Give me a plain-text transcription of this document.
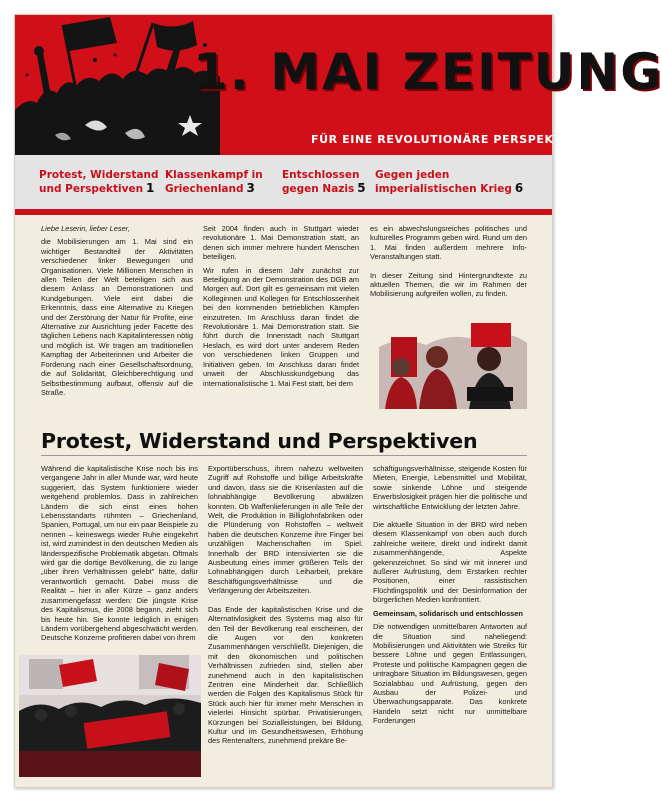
1. MAI ZEITUNG
FÜR EINE REVOLUTIONÄRE PERSPEKTIVE
Protest, Widerstand
und Perspektiven 1
Klassenkampf in
Griechenland 3
Entschlossen
gegen Nazis 5
Gegen jeden
imperialistischen Krieg 6

Liebe Leserin, lieber Leser,

die Mobilisierungen am 1. Mai sind ein wichtiger Bestandteil der Aktivitäten verschiedener linker Bewegungen und Organisationen. Viele Millionen Menschen in allen Teilen der Welt beteiligen sich aus diesem Anlass an Demonstrationen und Kundgebungen. Viele eint dabei die Erkenntnis, dass eine Alternative zu Kriegen und der Zerstörung der Natur für Profite, eine Alternative zur Ausrichtung jeder Facette des täglichen Lebens nach Kapitalinteressen nötig und möglich ist. Wir tragen am traditionellen Kampftag der Arbeiterinnen und Arbeiter die Forderung nach einer Gesellschaftsordnung, die auf Solidarität, Gleichberechtigung und Selbstbestimmung aufbaut, offensiv auf die Straße.

Seit 2004 finden auch in Stuttgart wieder revolutionäre 1. Mai Demonstration statt, an denen sich immer mehrere hundert Menschen beteiligen.

Wir rufen in diesem Jahr zunächst zur Beteiligung an der Demonstration des DGB am Morgen auf. Dort gilt es gemeinsam mit vielen Kolleginnen und Kollegen für Entschlossenheit bei den kommenden betrieblichen Kämpfen einzutreten. Im Anschluss daran findet die Revolutionäre 1. Mai Demonstration statt. Sie führt durch die Innenstadt nach Stuttgart Heslach, es wird dort unter anderem Reden von verschiedenen linken Gruppen und Initiativen geben. Im Anschluss daran findet unweit der Abschlusskundgebung das internationalistische 1. Mai Fest statt, bei dem

es ein abwechslungsreiches politisches und kulturelles Programm geben wird. Rund um den 1. Mai finden außerdem mehrere Info-Veranstaltungen statt.

In dieser Zeitung sind Hintergrundtexte zu aktuellen Themen, die wir im Rahmen der Mobilisierung aufgreifen wollen, zu finden.

Protest, Widerstand und Perspektiven

Während die kapitalistische Krise noch bis ins vergangene Jahr in aller Munde war, wird heute suggeriert, das System funktioniere wieder weitgehend problemlos. Dass in zahlreichen Ländern die sich einst eines hohen Lebensstandarts rühmten – Griechenland, Spanien, Portugal, um nur ein paar Beispiele zu nennen – keineswegs wieder Ruhe eingekehrt ist, wird zumindest in den deutschen Medien als länderspezifische Problematik abgetan. Oftmals wird gar die dortige Bevölkerung, die zu lange „über ihren Verhältnissen gelebt" hätte, dafür verantwortlich gemacht. Dabei muss die Realität – hier in aller Kürze – ganz anders zusammengefasst werden: Die jüngste Krise des Kapitalismus, die 2008 begann, zieht sich bis heute hin. Sie konnte lediglich in einigen Ländern vorübergehend abgeschwächt werden. Deutsche Konzerne profitieren dabei von ihrem

Exportüberschuss, ihrem nahezu weltweiten Zugriff auf Rohstoffe und billige Arbeitskräfte und davon, dass sie die Krisenlasten auf die lohnabhängige Bevölkerung abwälzen konnten. Ob Waffenlieferungen in alle Teile der Welt, die Produktion in Billiglohnfabriken oder die Plünderung von Rohstoffen – weltweit haben die deutschen Konzerne ihre Finger bei unzähligen Machenschaften im Spiel. Innerhalb der BRD intensivierten sie die Ausbeutung eines immer größeren Teils der Lohnabhängigen durch Leiharbeit, prekäre Beschäftigungsverhältnisse und die Verlängerung der Arbeitszeiten.

Das Ende der kapitalistischen Krise und die Alternativlosigkeit des Systems mag also für den Teil der Bevölkerung real erscheinen, der die Augen vor den konkreten Zusammenhängen verschließt. Diejenigen, die mit den ökonomischen und politischen Verhältnissen zufrieden sind, stellen aber zunehmend auch in den kapitalistischen Zentren eine Minderheit dar. Schließlich werden die Folgen des Kapitalismus Stück für Stück auch hier für immer mehr Menschen in vielerlei Hinsicht spürbar. Privatisierungen, Kürzungen bei Sozialleistungen, bei Bildung, Kultur und im Gesundheitswesen, Erhöhung des Rentenalters, zunehmend prekäre Be-

schäftigungsverhältnisse, steigende Kosten für Mieten, Energie, Lebensmittel und Mobilität, sowie sinkende Löhne und steigende Erwerbslosigkeit prägen hier die politische und wirtschaftliche Entwicklung der letzten Jahre.

Die aktuelle Situation in der BRD wird neben diesem Klassenkampf von oben auch durch zahlreiche weitere, direkt und indirekt damit zusammenhängende, Aspekte gekennzeichnet. So sind wir mit innerer und äußerer Aufrüstung, dem Erstarken rechter Positionen, einer rassistischen Flüchtlingspolitik und der Desinformation der bürgerlichen Medien konfrontiert.

Gemeinsam, solidarisch und entschlossen

Die notwendigen unmittelbaren Antworten auf die Situation sind naheliegend: Mobilisierungen und Aktivitäten wie Streiks für bessere Löhne und gegen Entlassungen, Proteste und politische Kampagnen gegen die untragbare Situation im Bildungswesen, gegen Sozialabbau und Aufrüstung, gegen den Ausbau der Polizei- und Überwachungsapparate. Das konkrete Handeln setzt nicht nur unmittelbare Forderungen
